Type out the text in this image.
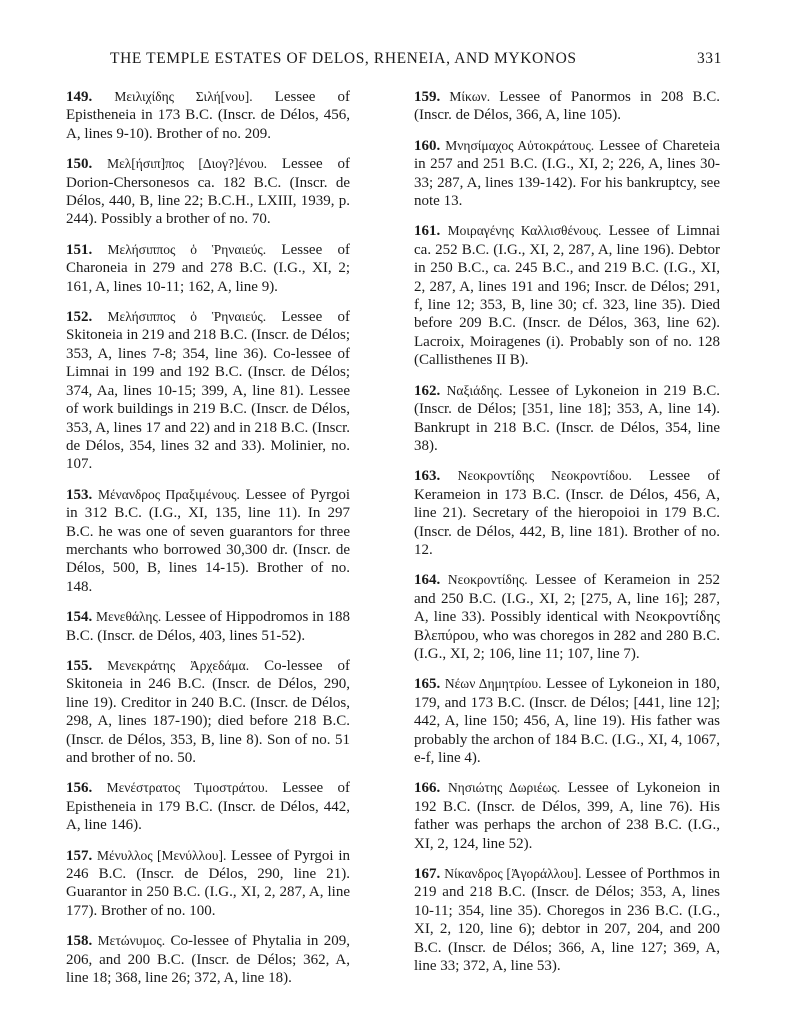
THE TEMPLE ESTATES OF DELOS, RHENEIA, AND MYKONOS	331

149. Μειλιχίδης Σιλή[νου]. Lessee of Epistheneia in 173 B.C. (Inscr. de Délos, 456, A, lines 9-10). Brother of no. 209.

150. Μελ[ήσιπ]πος [Διογ?]ένου. Lessee of Dorion-Chersonesos ca. 182 B.C. (Inscr. de Délos, 440, B, line 22; B.C.H., LXIII, 1939, p. 244). Possibly a brother of no. 70.

151. Μελήσιππος ὁ Ῥηναιεύς. Lessee of Charoneia in 279 and 278 B.C. (I.G., XI, 2; 161, A, lines 10-11; 162, A, line 9).

152. Μελήσιππος ὁ Ῥηναιεύς. Lessee of Skitoneia in 219 and 218 B.C. (Inscr. de Délos; 353, A, lines 7-8; 354, line 36). Co-lessee of Limnai in 199 and 192 B.C. (Inscr. de Délos; 374, Aa, lines 10-15; 399, A, line 81). Lessee of work buildings in 219 B.C. (Inscr. de Délos, 353, A, lines 17 and 22) and in 218 B.C. (Inscr. de Délos, 354, lines 32 and 33). Molinier, no. 107.

153. Μένανδρος Πραξιμένους. Lessee of Pyrgoi in 312 B.C. (I.G., XI, 135, line 11). In 297 B.C. he was one of seven guarantors for three merchants who borrowed 30,300 dr. (Inscr. de Délos, 500, B, lines 14-15). Brother of no. 148.

154. Μενεθάλης. Lessee of Hippodromos in 188 B.C. (Inscr. de Délos, 403, lines 51-52).

155. Μενεκράτης Ἀρχεδάμα. Co-lessee of Skitoneia in 246 B.C. (Inscr. de Délos, 290, line 19). Creditor in 240 B.C. (Inscr. de Délos, 298, A, lines 187-190); died before 218 B.C. (Inscr. de Délos, 353, B, line 8). Son of no. 51 and brother of no. 50.

156. Μενέστρατος Τιμοστράτου. Lessee of Epistheneia in 179 B.C. (Inscr. de Délos, 442, A, line 146).

157. Μένυλλος [Μενύλλου]. Lessee of Pyrgoi in 246 B.C. (Inscr. de Délos, 290, line 21). Guarantor in 250 B.C. (I.G., XI, 2, 287, A, line 177). Brother of no. 100.

158. Μετώνυμος. Co-lessee of Phytalia in 209, 206, and 200 B.C. (Inscr. de Délos; 362, A, line 18; 368, line 26; 372, A, line 18).

159. Μίκων. Lessee of Panormos in 208 B.C. (Inscr. de Délos, 366, A, line 105).

160. Μνησίμαχος Αὐτοκράτους. Lessee of Chareteia in 257 and 251 B.C. (I.G., XI, 2; 226, A, lines 30-33; 287, A, lines 139-142). For his bankruptcy, see note 13.

161. Μοιραγένης Καλλισθένους. Lessee of Limnai ca. 252 B.C. (I.G., XI, 2, 287, A, line 196). Debtor in 250 B.C., ca. 245 B.C., and 219 B.C. (I.G., XI, 2, 287, A, lines 191 and 196; Inscr. de Délos; 291, f, line 12; 353, B, line 30; cf. 323, line 35). Died before 209 B.C. (Inscr. de Délos, 363, line 62). Lacroix, Moiragenes (i). Probably son of no. 128 (Callisthenes II B).

162. Ναξιάδης. Lessee of Lykoneion in 219 B.C. (Inscr. de Délos; [351, line 18]; 353, A, line 14). Bankrupt in 218 B.C. (Inscr. de Délos, 354, line 38).

163. Νεοκροντίδης Νεοκροντίδου. Lessee of Kerameion in 173 B.C. (Inscr. de Délos, 456, A, line 21). Secretary of the hieropoioi in 179 B.C. (Inscr. de Délos, 442, B, line 181). Brother of no. 12.

164. Νεοκροντίδης. Lessee of Kerameion in 252 and 250 B.C. (I.G., XI, 2; [275, A, line 16]; 287, A, line 33). Possibly identical with Νεοκροντίδης Βλεπύρου, who was choregos in 282 and 280 B.C. (I.G., XI, 2; 106, line 11; 107, line 7).

165. Νέων Δημητρίου. Lessee of Lykoneion in 180, 179, and 173 B.C. (Inscr. de Délos; [441, line 12]; 442, A, line 150; 456, A, line 19). His father was probably the archon of 184 B.C. (I.G., XI, 4, 1067, e-f, line 4).

166. Νησιώτης Δωριέως. Lessee of Lykoneion in 192 B.C. (Inscr. de Délos, 399, A, line 76). His father was perhaps the archon of 238 B.C. (I.G., XI, 2, 124, line 52).

167. Νίκανδρος [Ἀγοράλλου]. Lessee of Porthmos in 219 and 218 B.C. (Inscr. de Délos; 353, A, lines 10-11; 354, line 35). Choregos in 236 B.C. (I.G., XI, 2, 120, line 6); debtor in 207, 204, and 200 B.C. (Inscr. de Délos; 366, A, line 127; 369, A, line 33; 372, A, line 53).
